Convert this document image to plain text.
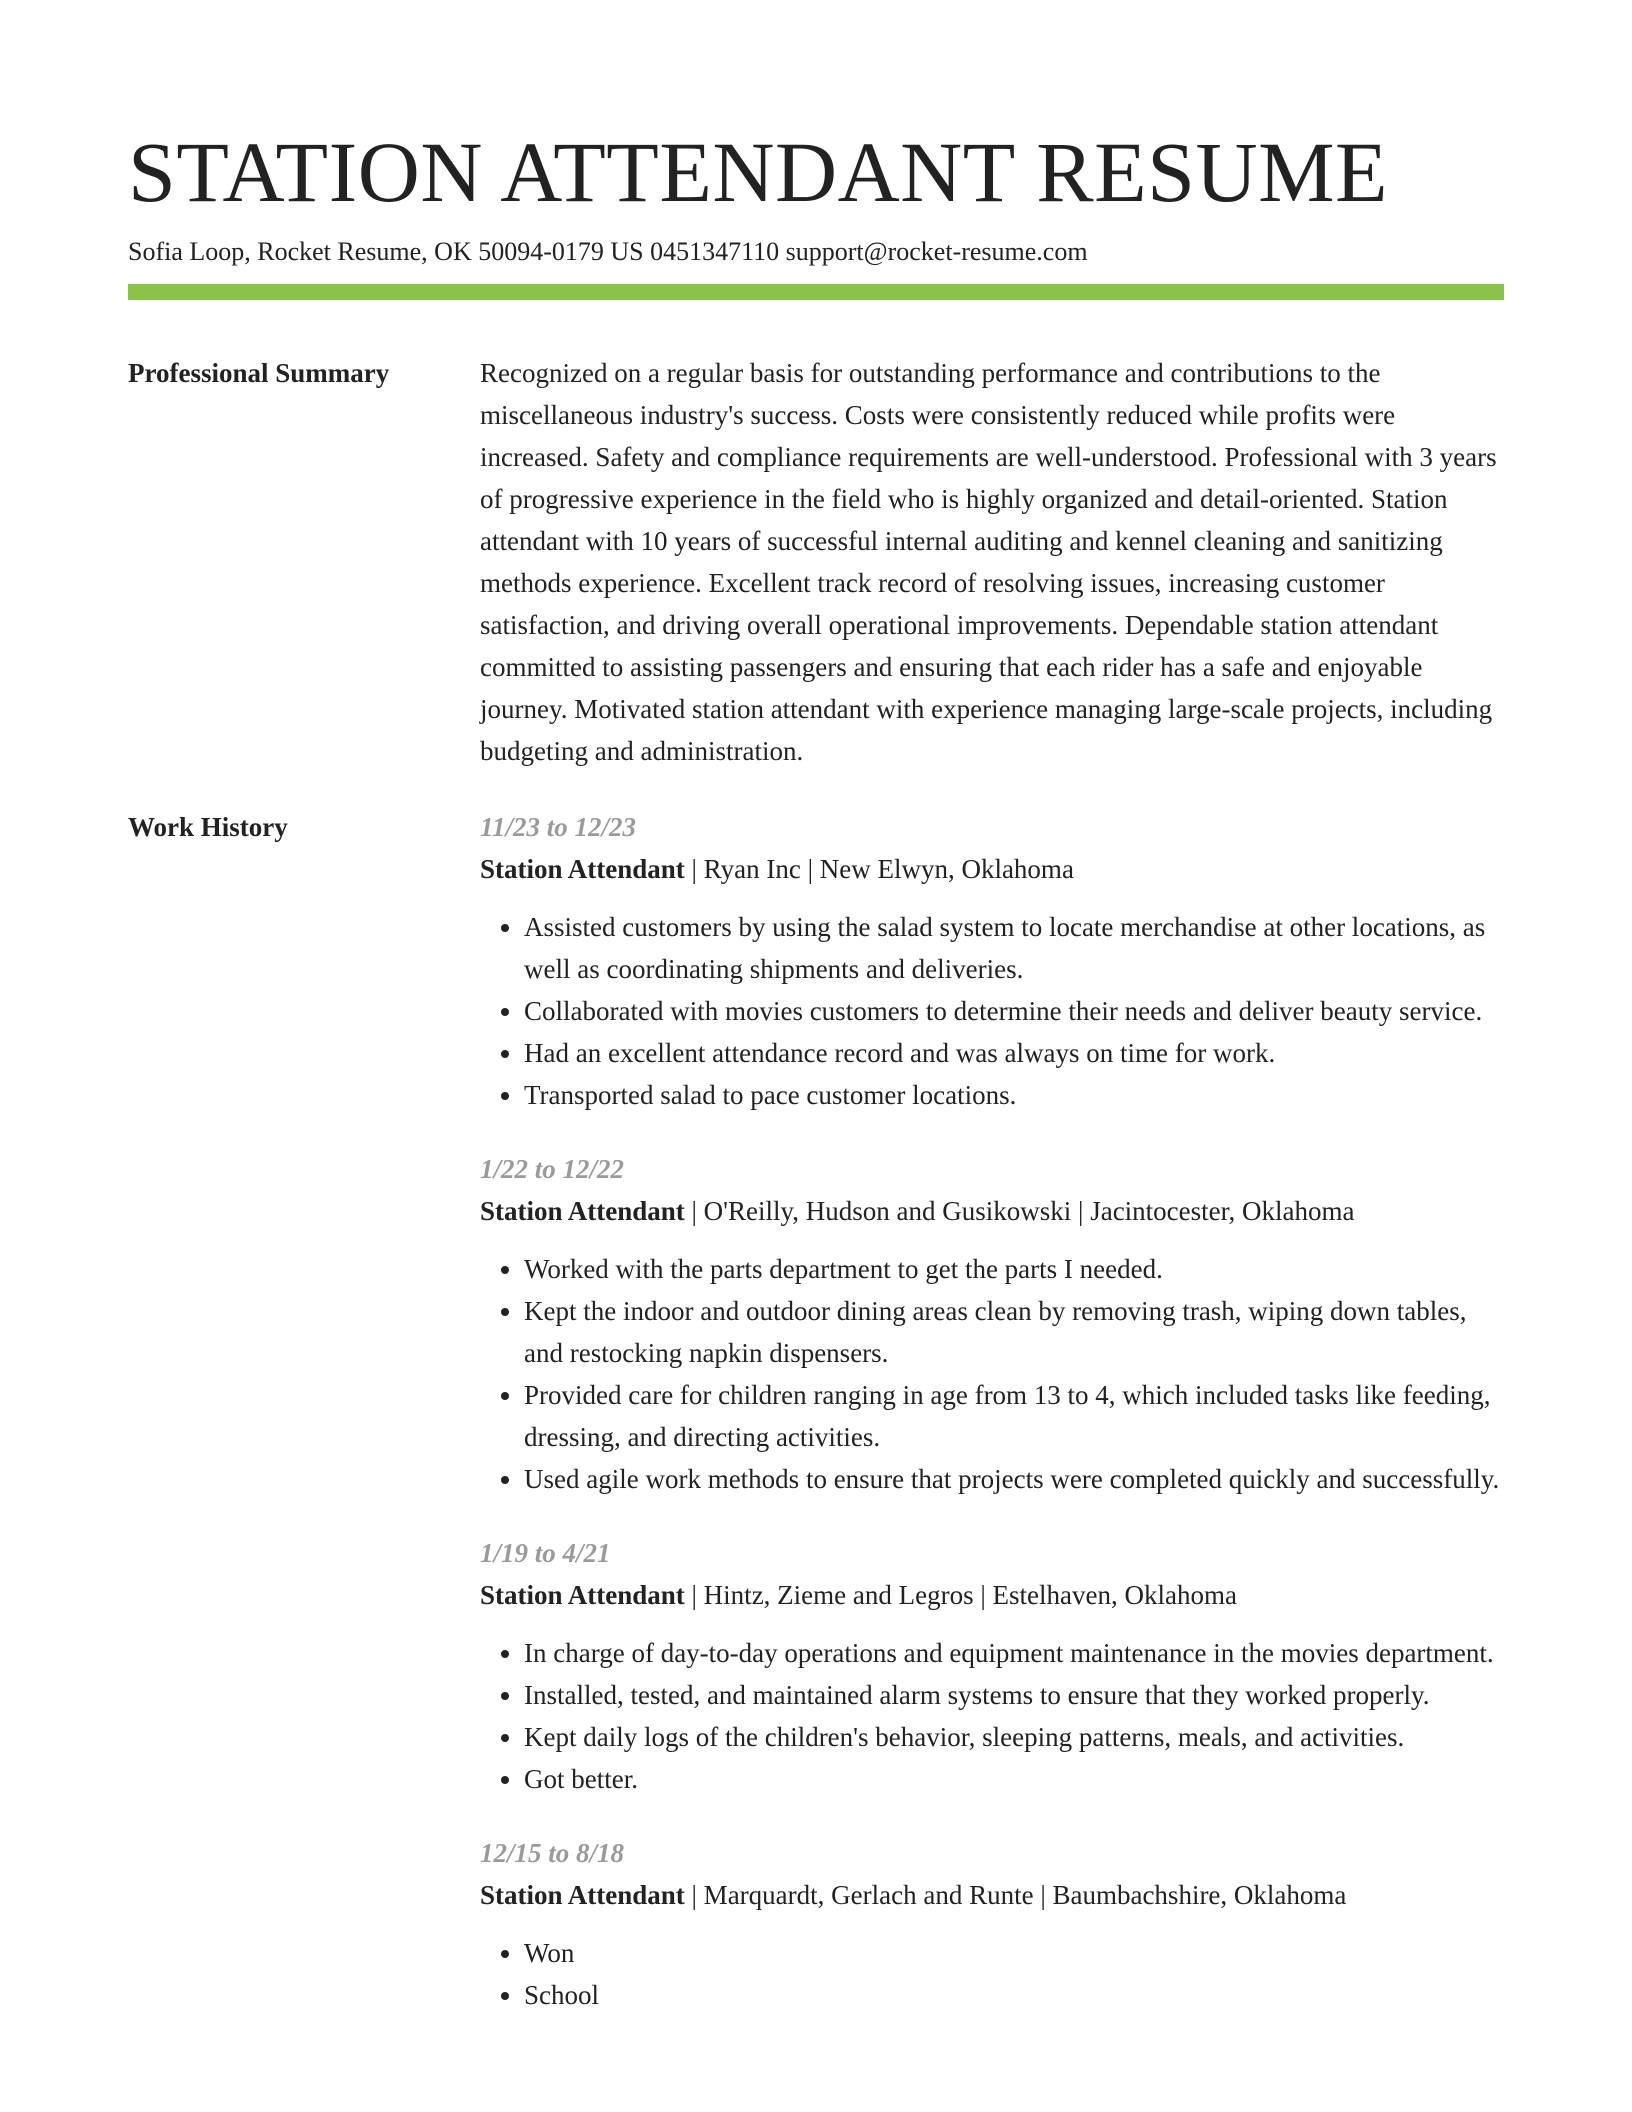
STATION ATTENDANT RESUME
Sofia Loop, Rocket Resume, OK 50094-0179 US 0451347110 support@rocket-resume.com
Professional Summary	Recognized on a regular basis for outstanding performance and contributions to the miscellaneous industry's success. Costs were consistently reduced while profits were increased. Safety and compliance requirements are well-understood. Professional with 3 years of progressive experience in the field who is highly organized and detail-oriented. Station attendant with 10 years of successful internal auditing and kennel cleaning and sanitizing methods experience. Excellent track record of resolving issues, increasing customer satisfaction, and driving overall operational improvements. Dependable station attendant committed to assisting passengers and ensuring that each rider has a safe and enjoyable journey. Motivated station attendant with experience managing large-scale projects, including budgeting and administration.

Work History	11/23 to 12/23
Station Attendant | Ryan Inc | New Elwyn, Oklahoma
• Assisted customers by using the salad system to locate merchandise at other locations, as well as coordinating shipments and deliveries.
• Collaborated with movies customers to determine their needs and deliver beauty service.
• Had an excellent attendance record and was always on time for work.
• Transported salad to pace customer locations.
1/22 to 12/22
Station Attendant | O'Reilly, Hudson and Gusikowski | Jacintocester, Oklahoma
• Worked with the parts department to get the parts I needed.
• Kept the indoor and outdoor dining areas clean by removing trash, wiping down tables, and restocking napkin dispensers.
• Provided care for children ranging in age from 13 to 4, which included tasks like feeding, dressing, and directing activities.
• Used agile work methods to ensure that projects were completed quickly and successfully.
1/19 to 4/21
Station Attendant | Hintz, Zieme and Legros | Estelhaven, Oklahoma
• In charge of day-to-day operations and equipment maintenance in the movies department.
• Installed, tested, and maintained alarm systems to ensure that they worked properly.
• Kept daily logs of the children's behavior, sleeping patterns, meals, and activities.
• Got better.
12/15 to 8/18
Station Attendant | Marquardt, Gerlach and Runte | Baumbachshire, Oklahoma
• Won
• School
